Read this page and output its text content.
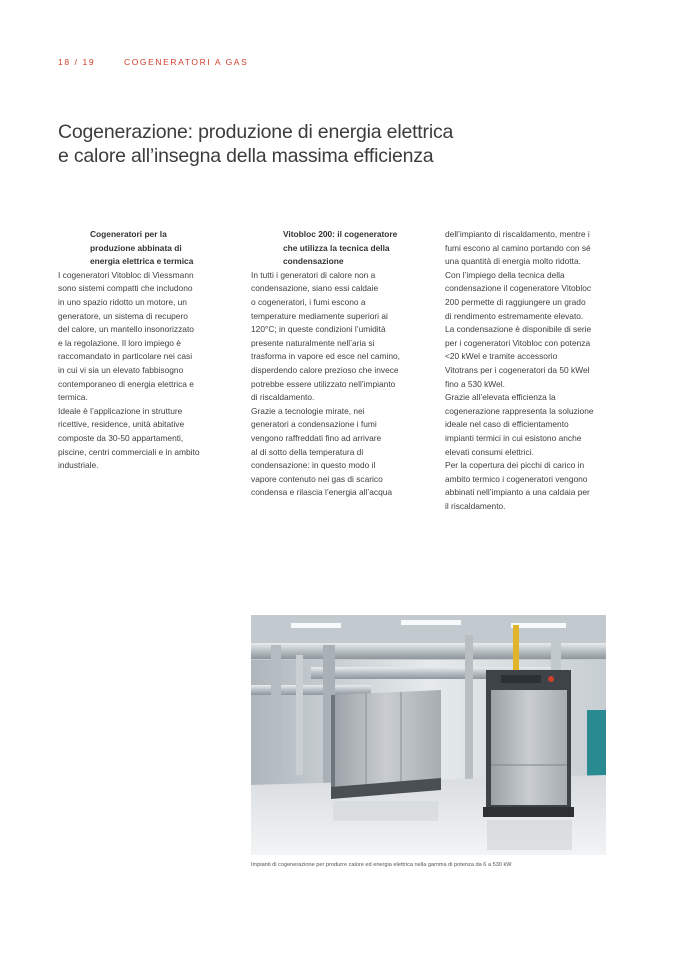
18 / 19	COGENERATORI A GAS
Cogenerazione: produzione di energia elettrica
e calore all’insegna della massima efficienza
Cogeneratori per la
produzione abbinata di
energia elettrica e termica
I cogeneratori Vitobloc di Viessmann
sono sistemi compatti che includono
in uno spazio ridotto un motore, un
generatore, un sistema di recupero
del calore, un mantello insonorizzato
e la regolazione. Il loro impiego è
raccomandato in particolare nei casi
in cui vi sia un elevato fabbisogno
contemporaneo di energia elettrica e
termica.
Ideale è l’applicazione in strutture
ricettive, residence, unità abitative
composte da 30-50 appartamenti,
piscine, centri commerciali e in ambito
industriale.
Vitobloc 200: il cogeneratore
che utilizza la tecnica della
condensazione
In tutti i generatori di calore non a
condensazione, siano essi caldaie
o cogeneratori, i fumi escono a
temperature mediamente superiori ai
120°C; in queste condizioni l’umidità
presente naturalmente nell’aria si
trasforma in vapore ed esce nel camino,
disperdendo calore prezioso che invece
potrebbe essere utilizzato nell’impianto
di riscaldamento.
Grazie a tecnologie mirate, nei
generatori a condensazione i fumi
vengono raffreddati fino ad arrivare
al di sotto della temperatura di
condensazione: in questo modo il
vapore contenuto nei gas di scarico
condensa e rilascia l’energia all’acqua
dell’impianto di riscaldamento, mentre i
fumi escono al camino portando con sé
una quantità di energia molto ridotta.
Con l’impiego della tecnica della
condensazione il cogeneratore Vitobloc
200 permette di raggiungere un grado
di rendimento estremamente elevato.
La condensazione è disponibile di serie
per i cogeneratori Vitobloc con potenza
<20 kWel e tramite accessorio
Vitotrans per i cogeneratori da 50 kWel
fino a 530 kWel.
Grazie all’elevata efficienza la
cogenerazione rappresenta la soluzione
ideale nel caso di efficientamento
impianti termici in cui esistono anche
elevati consumi elettrici.
Per la copertura dei picchi di carico in
ambito termico i cogeneratori vengono
abbinati nell’impianto a una caldaia per
il riscaldamento.
Impianti di cogenerazione per produrre calore ed energia elettrica nella gamma di potenza da 6 a 530 kW
